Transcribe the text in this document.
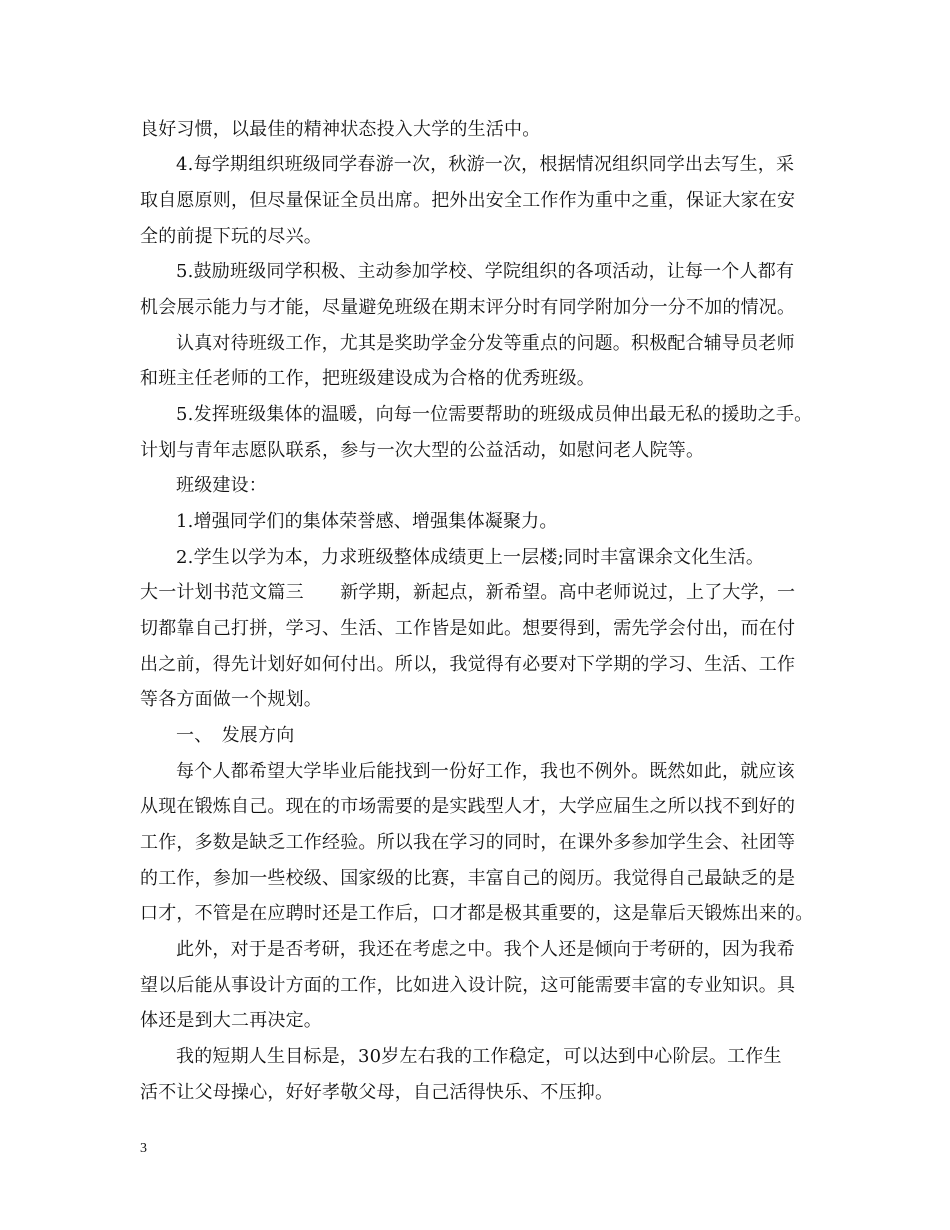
良好习惯，以最佳的精神状态投入大学的生活中。
4.每学期组织班级同学春游一次，秋游一次，根据情况组织同学出去写生，采
取自愿原则，但尽量保证全员出席。把外出安全工作作为重中之重，保证大家在安
全的前提下玩的尽兴。
5.鼓励班级同学积极、主动参加学校、学院组织的各项活动，让每一个人都有
机会展示能力与才能，尽量避免班级在期末评分时有同学附加分一分不加的情况。
认真对待班级工作，尤其是奖助学金分发等重点的问题。积极配合辅导员老师
和班主任老师的工作，把班级建设成为合格的优秀班级。
5.发挥班级集体的温暖，向每一位需要帮助的班级成员伸出最无私的援助之手。
计划与青年志愿队联系，参与一次大型的公益活动，如慰问老人院等。
班级建设：
1.增强同学们的集体荣誉感、增强集体凝聚力。
2.学生以学为本，力求班级整体成绩更上一层楼;同时丰富课余文化生活。
大一计划书范文篇三　　新学期，新起点，新希望。高中老师说过，上了大学，一
切都靠自己打拼，学习、生活、工作皆是如此。想要得到，需先学会付出，而在付
出之前，得先计划好如何付出。所以，我觉得有必要对下学期的学习、生活、工作
等各方面做一个规划。
一、　发展方向
每个人都希望大学毕业后能找到一份好工作，我也不例外。既然如此，就应该
从现在锻炼自己。现在的市场需要的是实践型人才，大学应届生之所以找不到好的
工作，多数是缺乏工作经验。所以我在学习的同时，在课外多参加学生会、社团等
的工作，参加一些校级、国家级的比赛，丰富自己的阅历。我觉得自己最缺乏的是
口才，不管是在应聘时还是工作后，口才都是极其重要的，这是靠后天锻炼出来的。
此外，对于是否考研，我还在考虑之中。我个人还是倾向于考研的，因为我希
望以后能从事设计方面的工作，比如进入设计院，这可能需要丰富的专业知识。具
体还是到大二再决定。
我的短期人生目标是，30岁左右我的工作稳定，可以达到中心阶层。工作生
活不让父母操心，好好孝敬父母，自己活得快乐、不压抑。
3
